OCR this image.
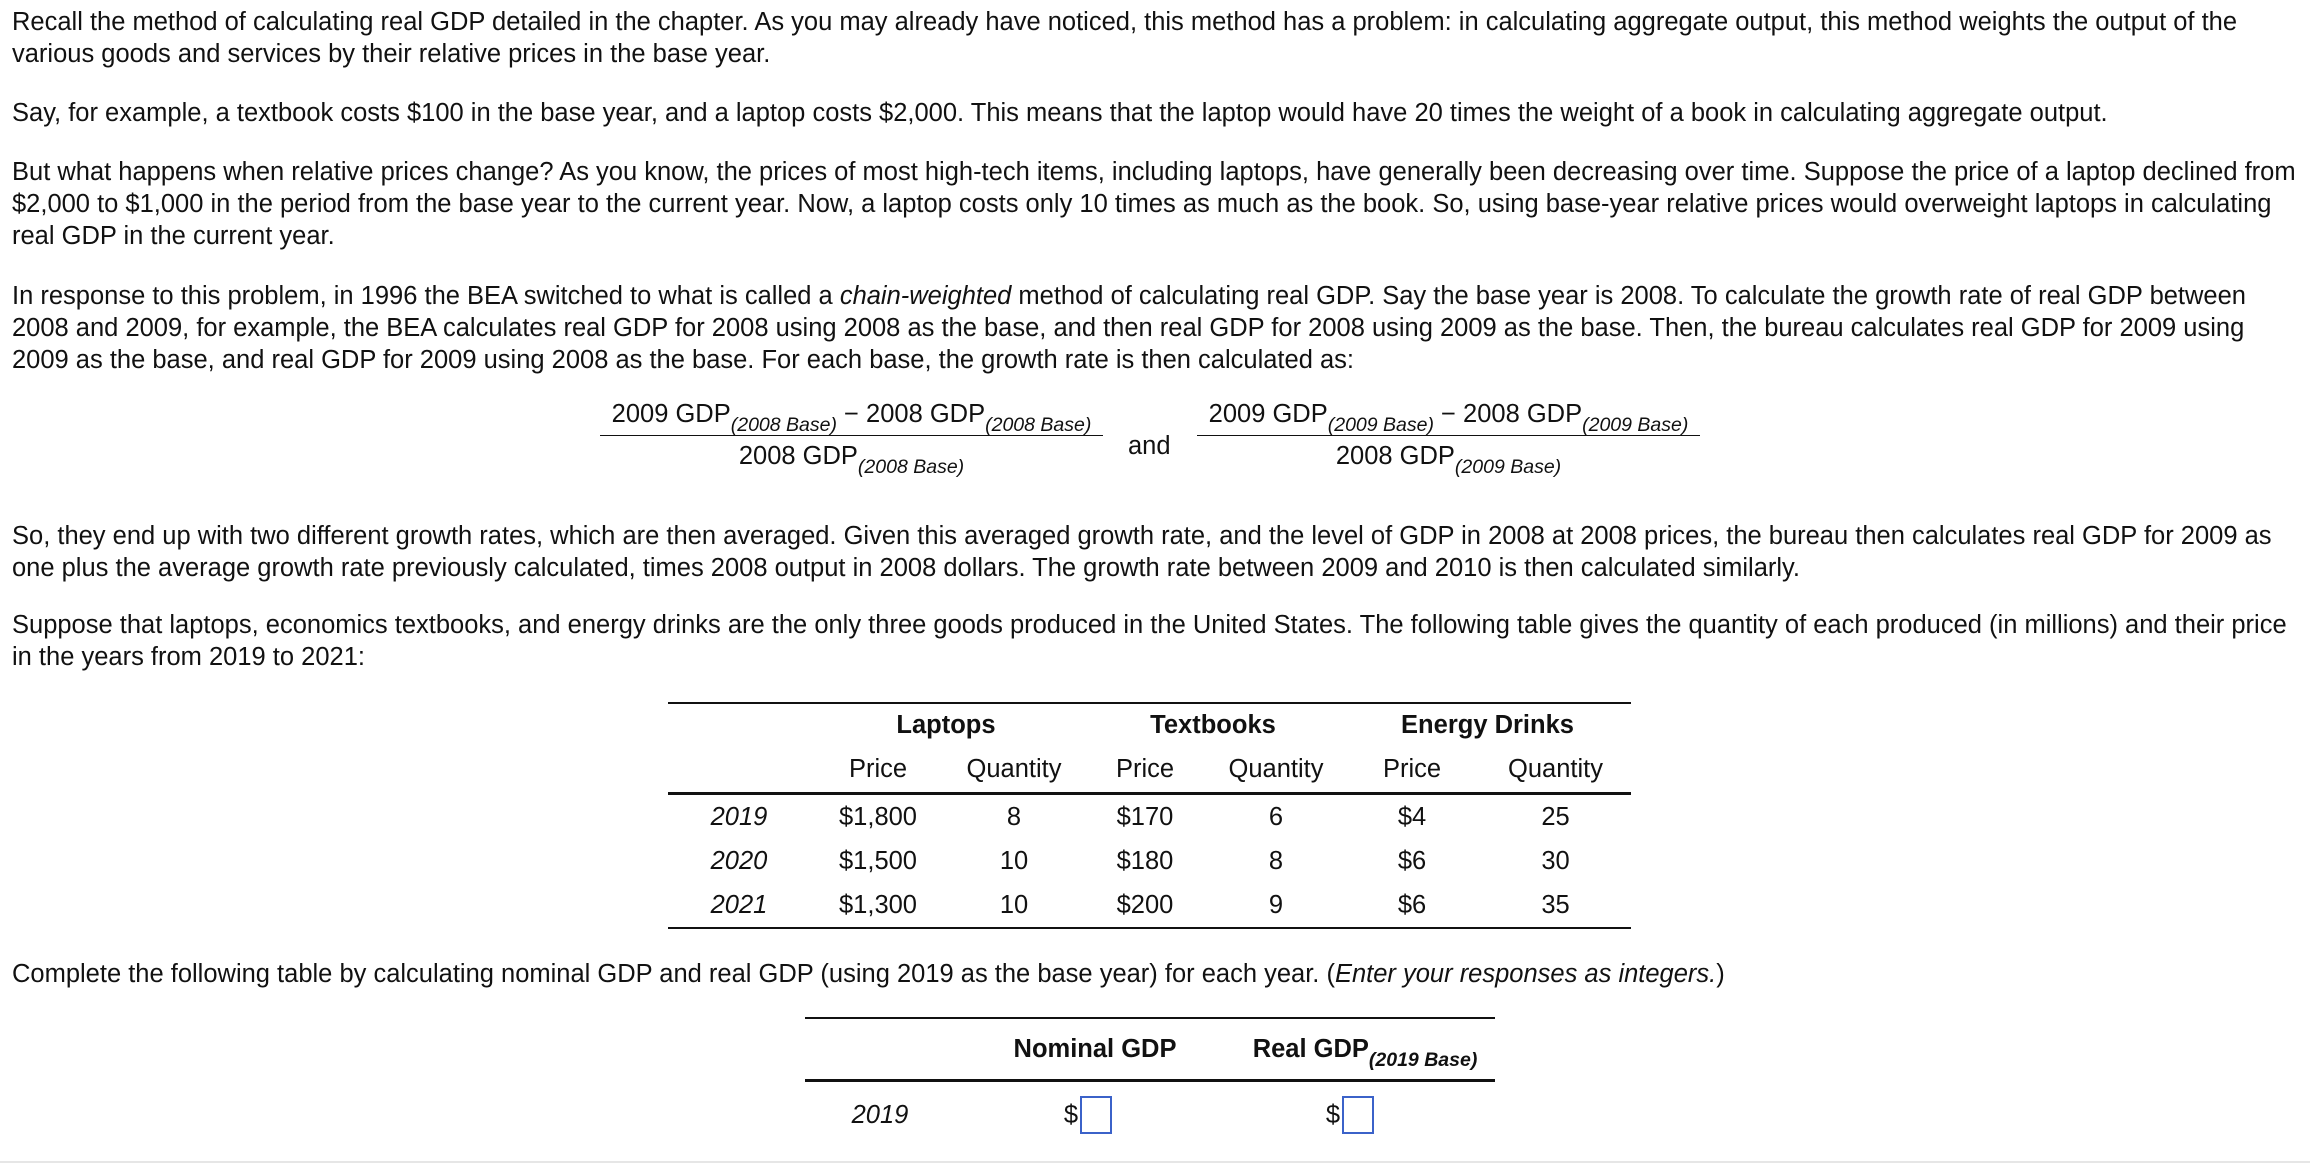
Recall the method of calculating real GDP detailed in the chapter. As you may already have noticed, this method has a problem: in calculating aggregate output, this method weights the output of the various goods and services by their relative prices in the base year.

Say, for example, a textbook costs $100 in the base year, and a laptop costs $2,000. This means that the laptop would have 20 times the weight of a book in calculating aggregate output.

But what happens when relative prices change? As you know, the prices of most high-tech items, including laptops, have generally been decreasing over time. Suppose the price of a laptop declined from $2,000 to $1,000 in the period from the base year to the current year. Now, a laptop costs only 10 times as much as the book. So, using base-year relative prices would overweight laptops in calculating real GDP in the current year.

In response to this problem, in 1996 the BEA switched to what is called a chain-weighted method of calculating real GDP. Say the base year is 2008. To calculate the growth rate of real GDP between 2008 and 2009, for example, the BEA calculates real GDP for 2008 using 2008 as the base, and then real GDP for 2008 using 2009 as the base. Then, the bureau calculates real GDP for 2009 using 2009 as the base, and real GDP for 2009 using 2008 as the base. For each base, the growth rate is then calculated as:

2009 $GDP_{(2008 Base)} - 2008$ $GDP_{(2008 Base)}$
2008 $GDP_{(2008 Base)}$
and
2009 $GDP_{(2009 Base)} - 2008$ $GDP_{(2009 Base)}$
2008 $GDP_{(2009 Base)}$

So, they end up with two different growth rates, which are then averaged. Given this averaged growth rate, and the level of GDP in 2008 at 2008 prices, the bureau then calculates real GDP for 2009 as one plus the average growth rate previously calculated, times 2008 output in 2008 dollars. The growth rate between 2009 and 2010 is then calculated similarly.

Suppose that laptops, economics textbooks, and energy drinks are the only three goods produced in the United States. The following table gives the quantity of each produced (in millions) and their price in the years from 2019 to 2021:

	Laptops		Textbooks		Energy Drinks	
	Price	Quantity	Price	Quantity	Price	Quantity
2019	$1,800	8	$170	6	$4	25
2020	$1,500	10	$180	8	$6	30
2021	$1,300	10	$200	9	$6	35

Complete the following table by calculating nominal GDP and real GDP (using 2019 as the base year) for each year. (Enter your responses as integers.)

	Nominal GDP	Real $GDP_{(2019 Base)}$
2019	$	$
